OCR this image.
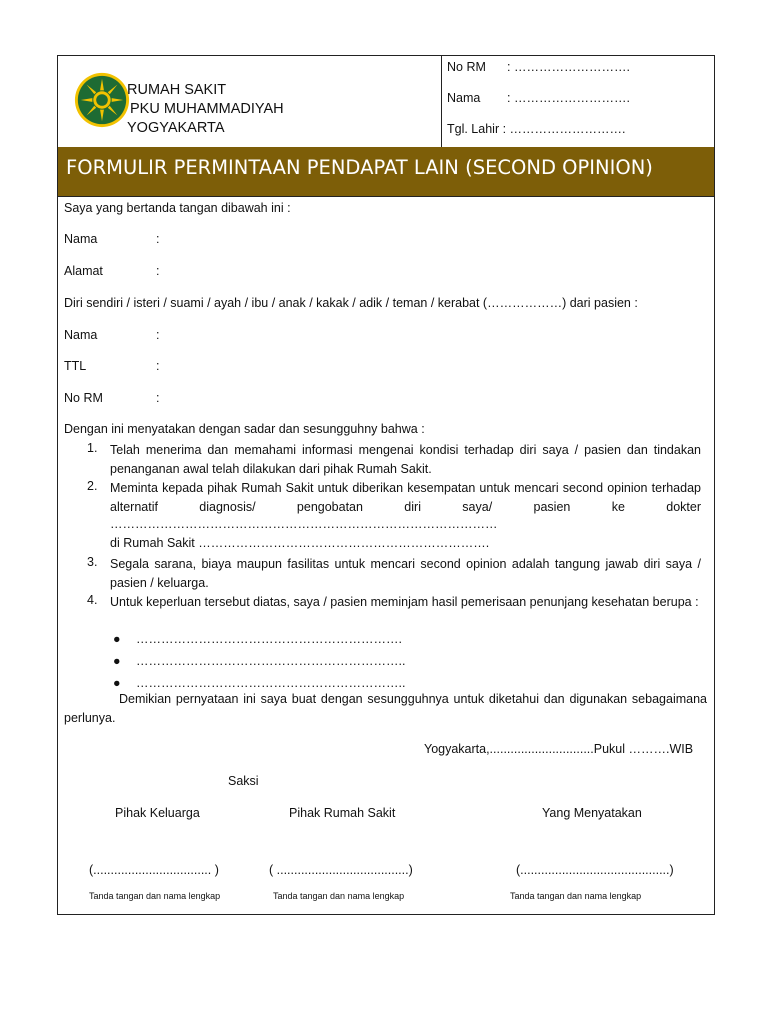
RUMAH SAKIT
PKU MUHAMMADIYAH
YOGYAKARTA
No RM : ……………………….
Nama : ……………………….
Tgl. Lahir : ……………………….
FORMULIR PERMINTAAN PENDAPAT LAIN (SECOND OPINION)
Saya yang bertanda tangan dibawah ini :
Nama	:
Alamat	:
Diri sendiri / isteri / suami / ayah / ibu / anak / kakak / adik / teman / kerabat (………………) dari pasien :
Nama	:
TTL	:
No RM	:
Dengan ini menyatakan dengan sadar dan sesungguhny bahwa :
1. Telah menerima dan memahami informasi mengenai kondisi terhadap diri saya / pasien dan tindakan penanganan awal telah dilakukan dari pihak Rumah Sakit.
2. Meminta kepada pihak Rumah Sakit untuk diberikan kesempatan untuk mencari second opinion terhadap alternatif diagnosis/ pengobatan diri saya/ pasien ke dokter
…………………………………………………………………………………
di Rumah Sakit …………………………………………………………….
3. Segala sarana, biaya maupun fasilitas untuk mencari second opinion adalah tangung jawab diri saya / pasien / keluarga.
4. Untuk keperluan tersebut diatas, saya / pasien meminjam hasil pemerisaan penunjang kesehatan berupa :
● ……………………………………………………….
● ………………………………………………………..
● ………………………………………………………..
Demikian pernyataan ini saya buat dengan sesungguhnya untuk diketahui dan digunakan sebagaimana perlunya.
Yogyakarta,..............................Pukul ……….WIB
Saksi
Pihak Keluarga	Pihak Rumah Sakit	Yang Menyatakan
(.................................. )	( ......................................)	(...........................................)
Tanda tangan dan nama lengkap	Tanda tangan dan nama lengkap	Tanda tangan dan nama lengkap
